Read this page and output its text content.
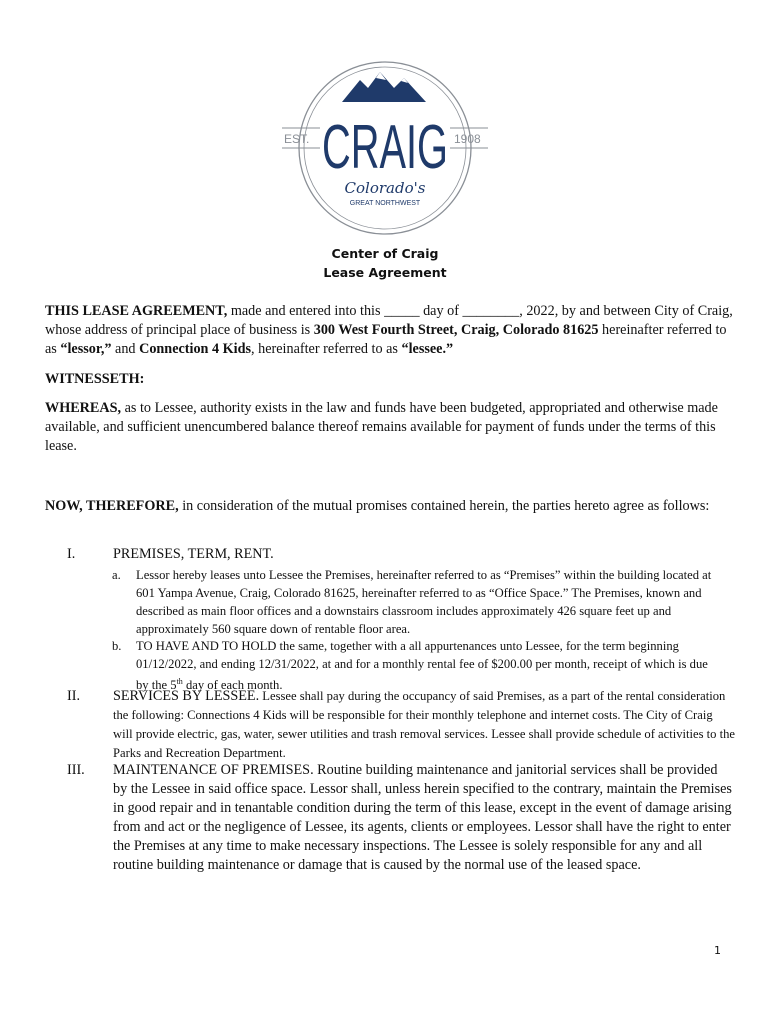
EST.	1908
CRAIG
Colorado's
GREAT NORTHWEST
Center of Craig
Lease Agreement
THIS LEASE AGREEMENT, made and entered into this _____ day of ________, 2022, by and between City of Craig, whose address of principal place of business is 300 West Fourth Street, Craig, Colorado 81625 hereinafter referred to as “lessor,” and Connection 4 Kids, hereinafter referred to as “lessee.”
WITNESSETH:
WHEREAS, as to Lessee, authority exists in the law and funds have been budgeted, appropriated and otherwise made available, and sufficient unencumbered balance thereof remains available for payment of funds under the terms of this lease.
NOW, THEREFORE, in consideration of the mutual promises contained herein, the parties hereto agree as follows:
I.	PREMISES, TERM, RENT.
a. Lessor hereby leases unto Lessee the Premises, hereinafter referred to as “Premises” within the building located at 601 Yampa Avenue, Craig, Colorado 81625, hereinafter referred to as “Office Space.” The Premises, known and described as main floor offices and a downstairs classroom includes approximately 426 square feet up and approximately 560 square down of rentable floor area.
b. TO HAVE AND TO HOLD the same, together with a all appurtenances unto Lessee, for the term beginning 01/12/2022, and ending 12/31/2022, at and for a monthly rental fee of $200.00 per month, receipt of which is due by the 5th day of each month.
II. SERVICES BY LESSEE. Lessee shall pay during the occupancy of said Premises, as a part of the rental consideration the following: Connections 4 Kids will be responsible for their monthly telephone and internet costs. The City of Craig will provide electric, gas, water, sewer utilities and trash removal services. Lessee shall provide schedule of activities to the Parks and Recreation Department.
III. MAINTENANCE OF PREMISES. Routine building maintenance and janitorial services shall be provided by the Lessee in said office space. Lessor shall, unless herein specified to the contrary, maintain the Premises in good repair and in tenantable condition during the term of this lease, except in the event of damage arising from and act or the negligence of Lessee, its agents, clients or employees. Lessor shall have the right to enter the Premises at any time to make necessary inspections. The Lessee is solely responsible for any and all routine building maintenance or damage that is caused by the normal use of the leased space.
1
